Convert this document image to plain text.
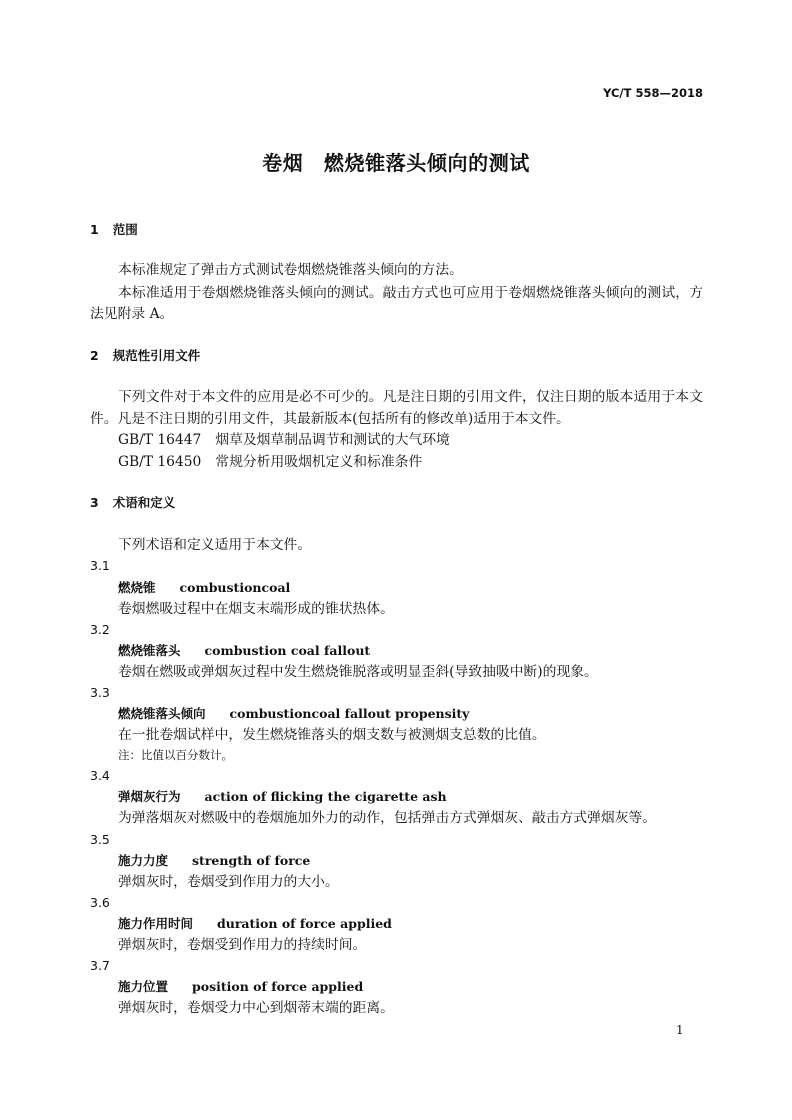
YC/T 558—2018
卷烟　燃烧锥落头倾向的测试
1 范围
本标准规定了弹击方式测试卷烟燃烧锥落头倾向的方法。
本标准适用于卷烟燃烧锥落头倾向的测试。敲击方式也可应用于卷烟燃烧锥落头倾向的测试，方
法见附录 A。
2 规范性引用文件
下列文件对于本文件的应用是必不可少的。凡是注日期的引用文件，仅注日期的版本适用于本文
件。凡是不注日期的引用文件，其最新版本(包括所有的修改单)适用于本文件。
GB/T 16447 烟草及烟草制品调节和测试的大气环境
GB/T 16450 常规分析用吸烟机定义和标准条件
3 术语和定义
下列术语和定义适用于本文件。
3.1
燃烧锥 combustioncoal
卷烟燃吸过程中在烟支末端形成的锥状热体。
3.2
燃烧锥落头 combustion coal fallout
卷烟在燃吸或弹烟灰过程中发生燃烧锥脱落或明显歪斜(导致抽吸中断)的现象。
3.3
燃烧锥落头倾向 combustioncoal fallout propensity
在一批卷烟试样中，发生燃烧锥落头的烟支数与被测烟支总数的比值。
注：比值以百分数计。
3.4
弹烟灰行为 action of flicking the cigarette ash
为弹落烟灰对燃吸中的卷烟施加外力的动作，包括弹击方式弹烟灰、敲击方式弹烟灰等。
3.5
施力力度 strength of force
弹烟灰时，卷烟受到作用力的大小。
3.6
施力作用时间 duration of force applied
弹烟灰时，卷烟受到作用力的持续时间。
3.7
施力位置 position of force applied
弹烟灰时，卷烟受力中心到烟蒂末端的距离。
1
